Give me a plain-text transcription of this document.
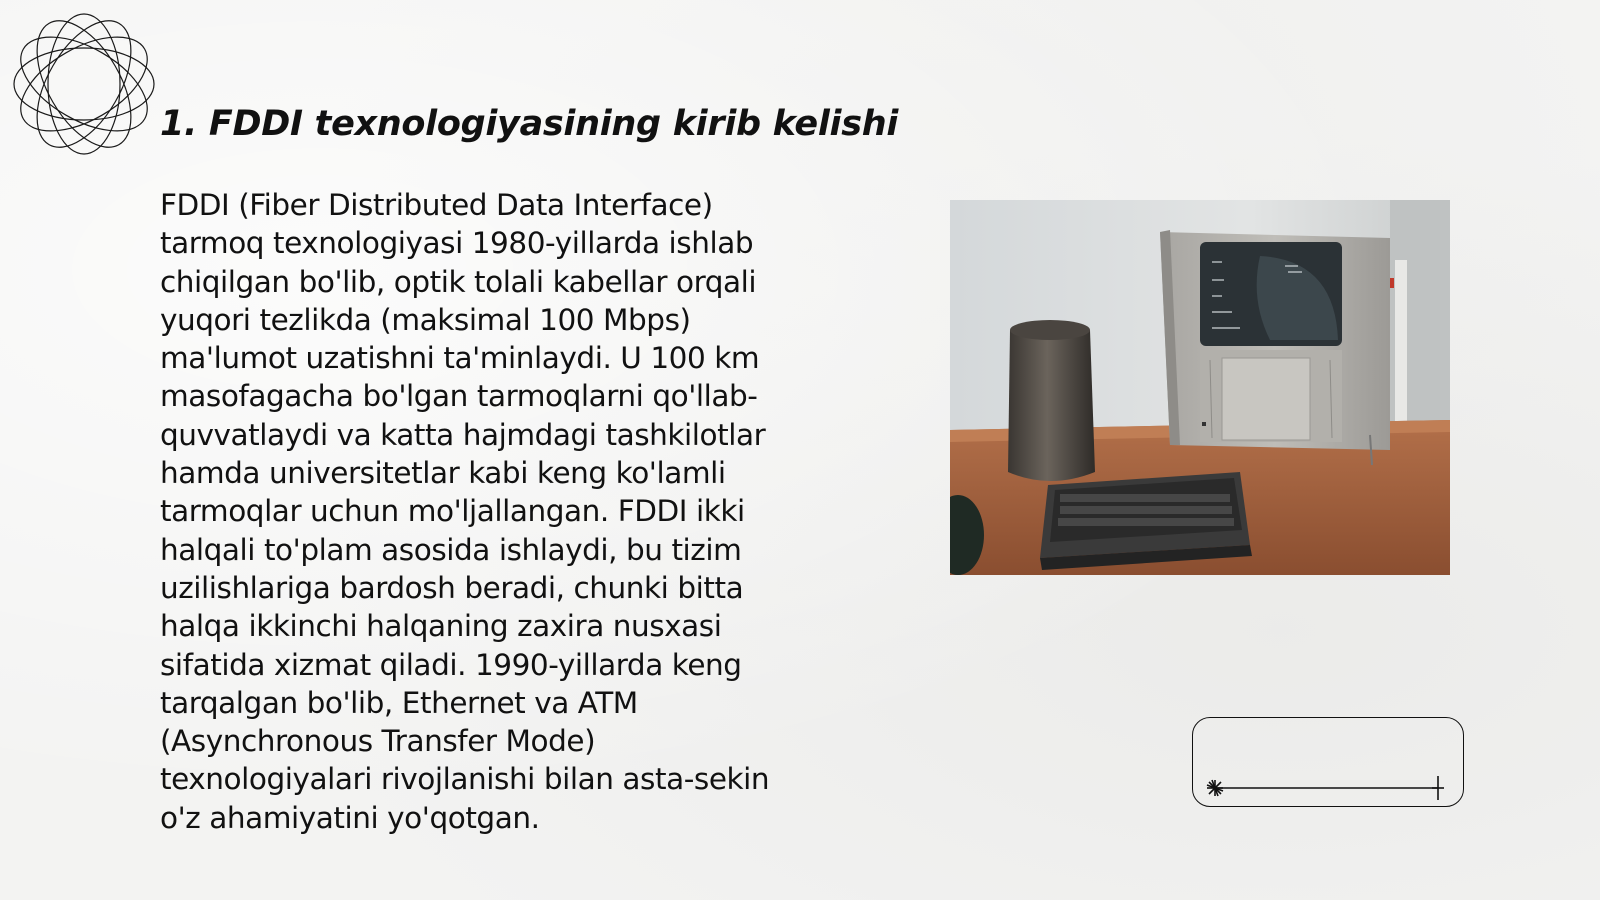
1. FDDI texnologiyasining kirib kelishi

FDDI (Fiber Distributed Data Interface)
tarmoq texnologiyasi 1980-yillarda ishlab
chiqilgan bo'lib, optik tolali kabellar orqali
yuqori tezlikda (maksimal 100 Mbps)
ma'lumot uzatishni ta'minlaydi. U 100 km
masofagacha bo'lgan tarmoqlarni qo'llab-
quvvatlaydi va katta hajmdagi tashkilotlar
hamda universitetlar kabi keng ko'lamli
tarmoqlar uchun mo'ljallangan. FDDI ikki
halqali to'plam asosida ishlaydi, bu tizim
uzilishlariga bardosh beradi, chunki bitta
halqa ikkinchi halqaning zaxira nusxasi
sifatida xizmat qiladi. 1990-yillarda keng
tarqalgan bo'lib, Ethernet va ATM
(Asynchronous Transfer Mode)
texnologiyalari rivojlanishi bilan asta-sekin
o'z ahamiyatini yo'qotgan.
